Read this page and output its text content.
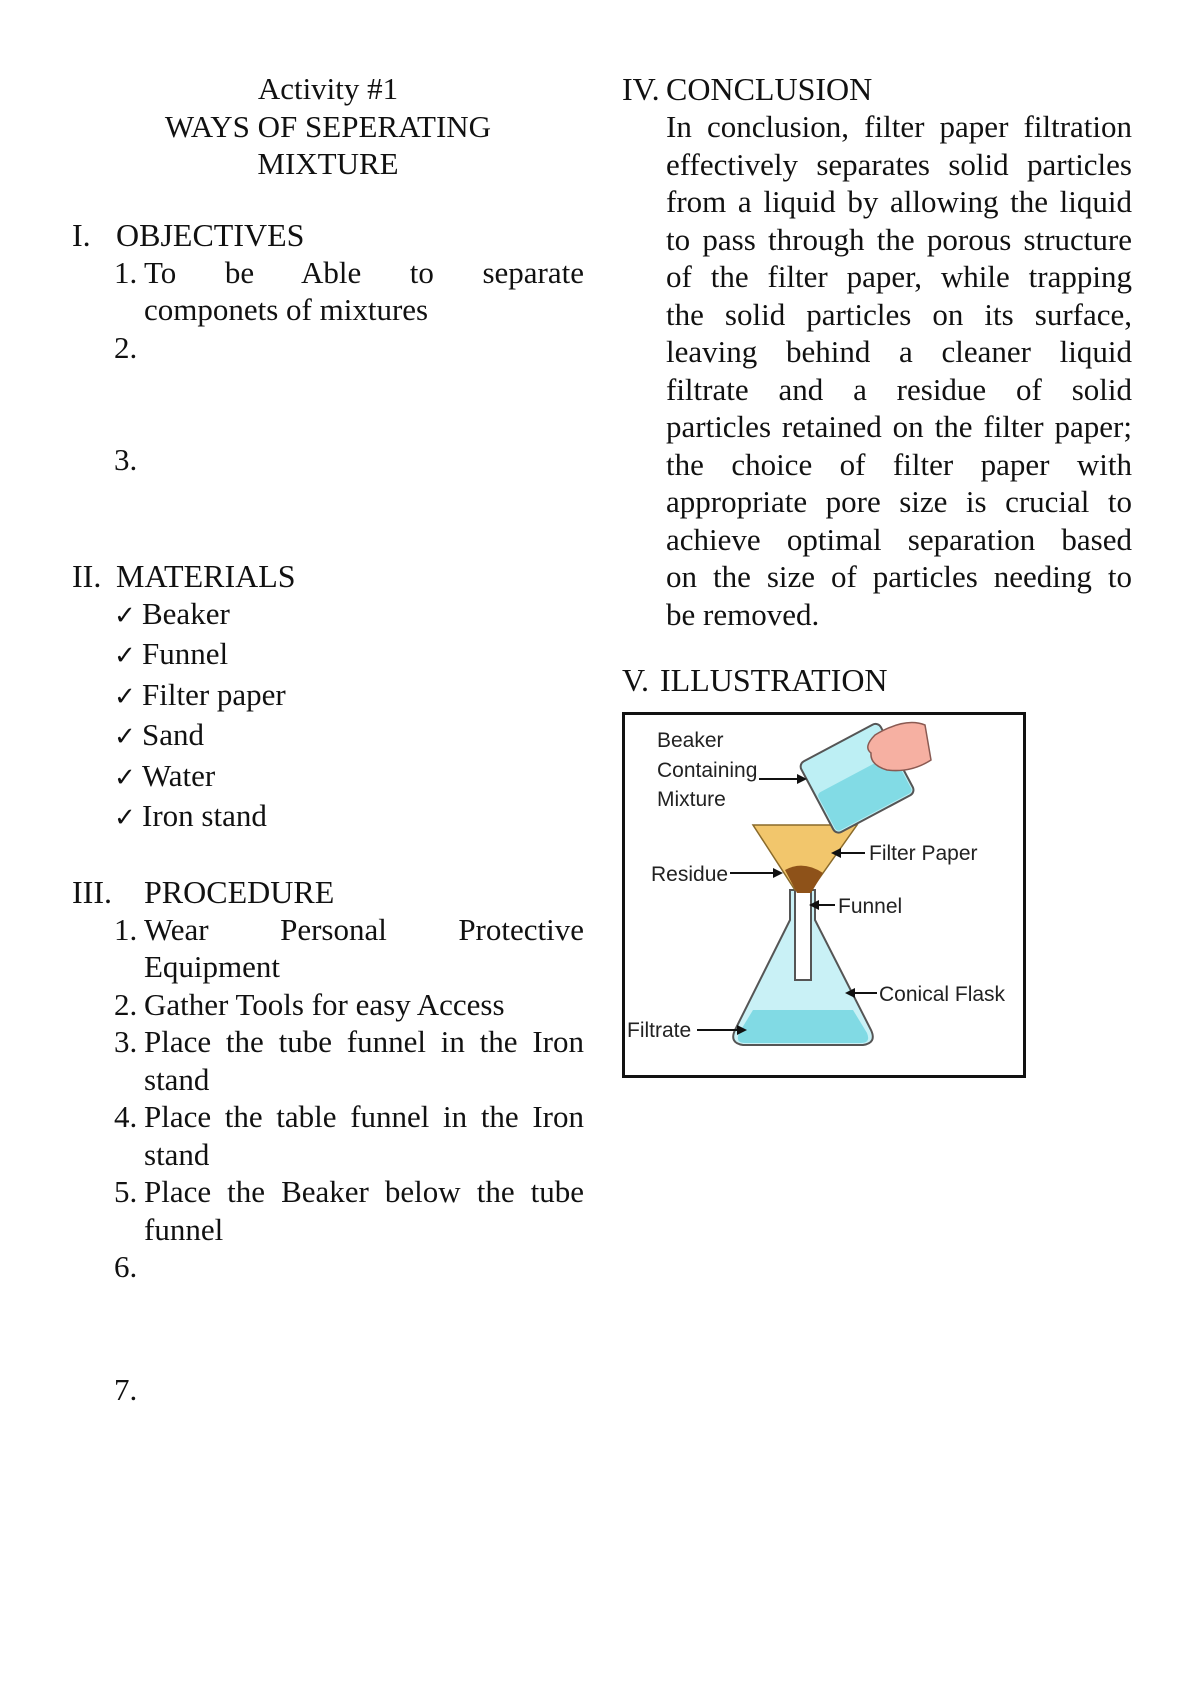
Activity #1
WAYS OF SEPERATING
MIXTURE
I. OBJECTIVES
1. To be Able to separate
componets of mixtures
2.
3.
II. MATERIALS
✓ Beaker
✓ Funnel
✓ Filter paper
✓ Sand
✓ Water
✓ Iron stand
III.	PROCEDURE
1. Wear Personal Protective
Equipment
2. Gather Tools for easy Access
3. Place the tube funnel in the Iron
stand
4. Place the table funnel in the Iron
stand
5. Place the Beaker below the tube
funnel
6.
7.
IV. CONCLUSION
In conclusion, filter paper filtration
effectively separates solid particles
from a liquid by allowing the liquid
to pass through the porous structure
of the filter paper, while trapping
the solid particles on its surface,
leaving behind a cleaner liquid
filtrate and a residue of solid
particles retained on the filter paper;
the choice of filter paper with
appropriate pore size is crucial to
achieve optimal separation based
on the size of particles needing to
be removed.
V. ILLUSTRATION
Beaker
Containing
Mixture
Filter Paper
Residue
Funnel
Conical Flask
Filtrate
